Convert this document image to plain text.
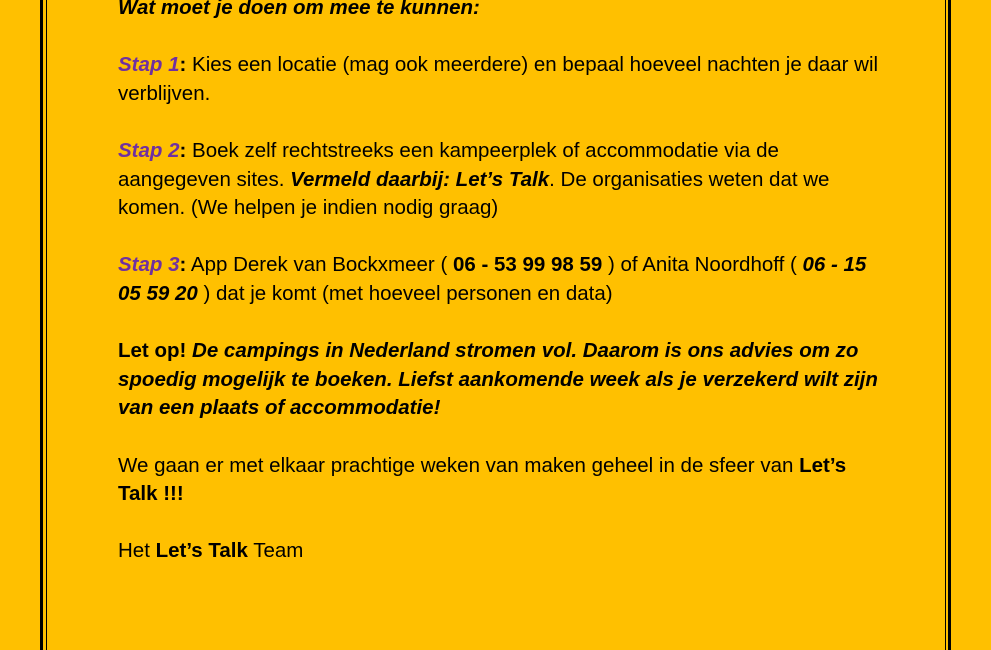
Wat moet je doen om mee te kunnen:

Stap 1: Kies een locatie (mag ook meerdere) en bepaal hoeveel nachten je daar wil verblijven.

Stap 2: Boek zelf rechtstreeks een kampeerplek of accommodatie via de aangegeven sites. Vermeld daarbij: Let’s Talk. De organisaties weten dat we komen. (We helpen je indien nodig graag)

Stap 3: App Derek van Bockxmeer ( 06 - 53 99 98 59 ) of Anita Noordhoff ( 06 - 15 05 59 20 ) dat je komt (met hoeveel personen en data)

Let op! De campings in Nederland stromen vol. Daarom is ons advies om zo spoedig mogelijk te boeken. Liefst aankomende week als je verzekerd wilt zijn van een plaats of accommodatie!

We gaan er met elkaar prachtige weken van maken geheel in de sfeer van Let’s Talk !!!

Het Let’s Talk Team
